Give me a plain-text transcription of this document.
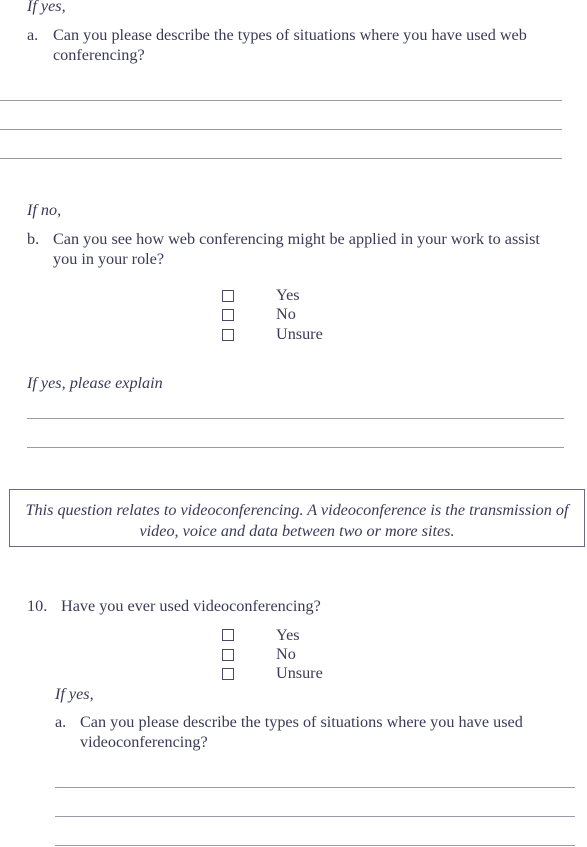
If yes,
a. Can you please describe the types of situations where you have used web
conferencing?
If no,
b. Can you see how web conferencing might be applied in your work to assist
you in your role?
Yes
No
Unsure
If yes, please explain
This question relates to videoconferencing. A videoconference is the transmission of video, voice and data between two or more sites.
10. Have you ever used videoconferencing?
Yes
No
Unsure
If yes,
a. Can you please describe the types of situations where you have used
videoconferencing?
